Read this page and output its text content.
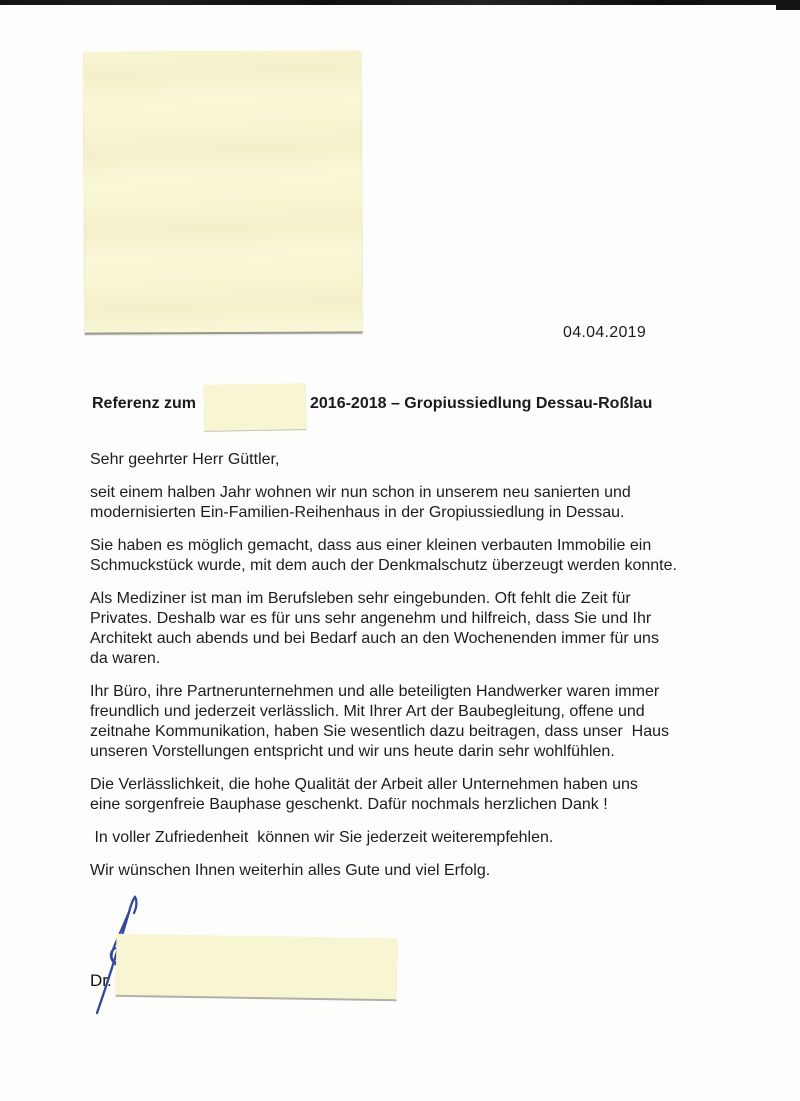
04.04.2019
Referenz zum	2016-2018 – Gropiussiedlung Dessau-Roßlau
Sehr geehrter Herr Güttler,
seit einem halben Jahr wohnen wir nun schon in unserem neu sanierten und
modernisierten Ein-Familien-Reihenhaus in der Gropiussiedlung in Dessau.
Sie haben es möglich gemacht, dass aus einer kleinen verbauten Immobilie ein
Schmuckstück wurde, mit dem auch der Denkmalschutz überzeugt werden konnte.
Als Mediziner ist man im Berufsleben sehr eingebunden. Oft fehlt die Zeit für
Privates. Deshalb war es für uns sehr angenehm und hilfreich, dass Sie und Ihr
Architekt auch abends und bei Bedarf auch an den Wochenenden immer für uns
da waren.
Ihr Büro, ihre Partnerunternehmen und alle beteiligten Handwerker waren immer
freundlich und jederzeit verlässlich. Mit Ihrer Art der Baubegleitung, offene und
zeitnahe Kommunikation, haben Sie wesentlich dazu beitragen, dass unser  Haus
unseren Vorstellungen entspricht und wir uns heute darin sehr wohlfühlen.
Die Verlässlichkeit, die hohe Qualität der Arbeit aller Unternehmen haben uns
eine sorgenfreie Bauphase geschenkt. Dafür nochmals herzlichen Dank !
In voller Zufriedenheit  können wir Sie jederzeit weiterempfehlen.
Wir wünschen Ihnen weiterhin alles Gute und viel Erfolg.
Dr.
